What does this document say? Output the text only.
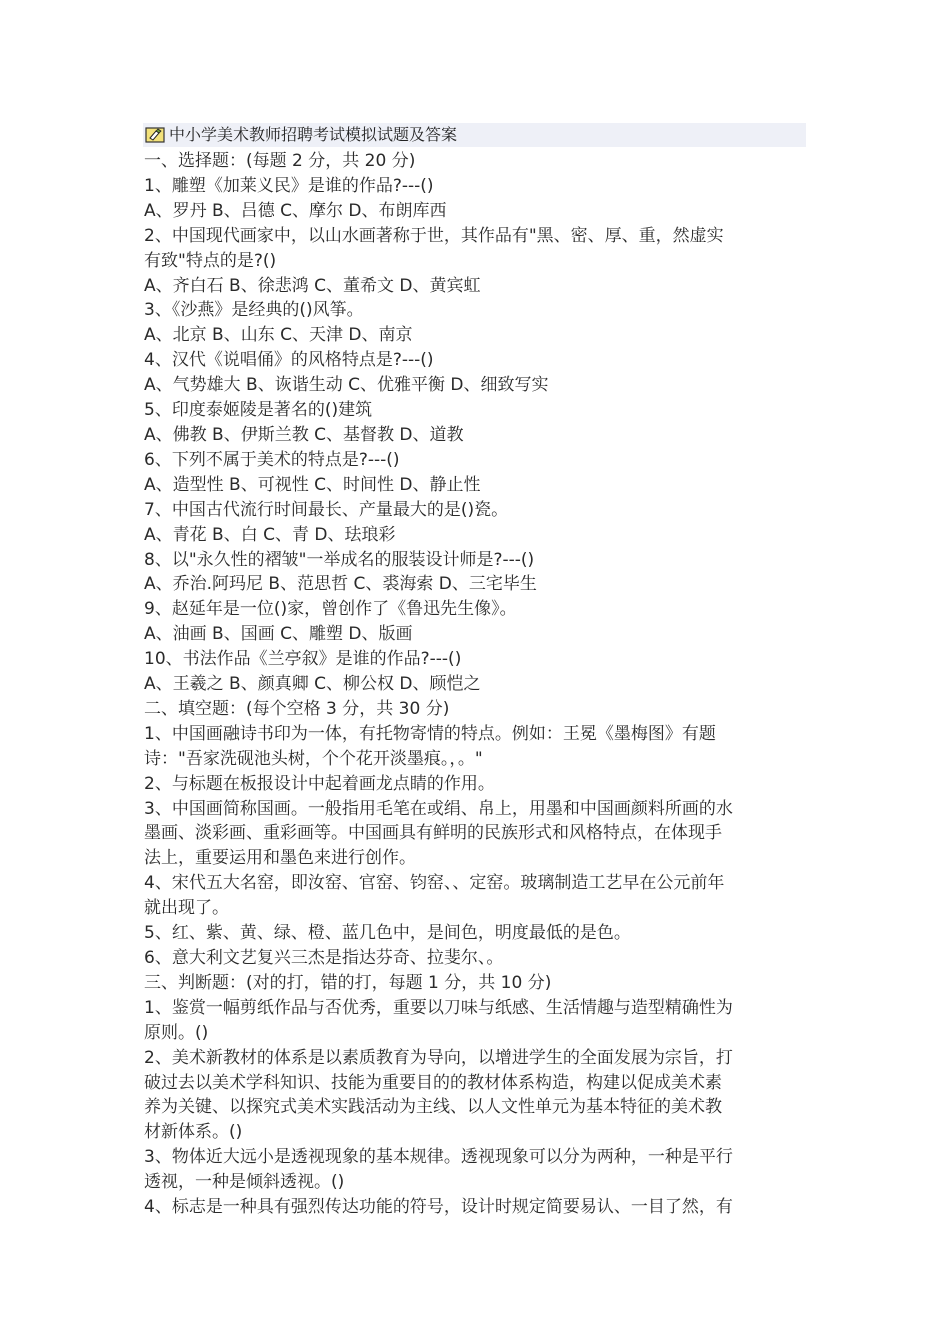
中小学美术教师招聘考试模拟试题及答案
一、选择题：(每题 2 分，共 20 分)
1、雕塑《加莱义民》是谁的作品?---()
A、罗丹 B、吕德 C、摩尔 D、布朗库西
2、中国现代画家中，以山水画著称于世，其作品有"黑、密、厚、重，然虚实
有致"特点的是?()
A、齐白石 B、徐悲鸿 C、董希文 D、黄宾虹
3、《沙燕》是经典的()风筝。
A、北京 B、山东 C、天津 D、南京
4、汉代《说唱俑》的风格特点是?---()
A、气势雄大 B、诙谐生动 C、优雅平衡 D、细致写实
5、印度泰姬陵是著名的()建筑
A、佛教 B、伊斯兰教 C、基督教 D、道教
6、下列不属于美术的特点是?---()
A、造型性 B、可视性 C、时间性 D、静止性
7、中国古代流行时间最长、产量最大的是()瓷。
A、青花 B、白 C、青 D、珐琅彩
8、以"永久性的褶皱"一举成名的服装设计师是?---()
A、乔治.阿玛尼 B、范思哲 C、裘海索 D、三宅毕生
9、赵延年是一位()家，曾创作了《鲁迅先生像》。
A、油画 B、国画 C、雕塑 D、版画
10、书法作品《兰亭叙》是谁的作品?---()
A、王羲之 B、颜真卿 C、柳公权 D、顾恺之
二、填空题：(每个空格 3 分，共 30 分)
1、中国画融诗书印为一体，有托物寄情的特点。例如：王冕《墨梅图》有题
诗："吾家洗砚池头树，个个花开淡墨痕。，。"
2、与标题在板报设计中起着画龙点睛的作用。
3、中国画简称国画。一般指用毛笔在或绢、帛上，用墨和中国画颜料所画的水
墨画、淡彩画、重彩画等。中国画具有鲜明的民族形式和风格特点，在体现手
法上，重要运用和墨色来进行创作。
4、宋代五大名窑，即汝窑、官窑、钧窑、、定窑。玻璃制造工艺早在公元前年
就出现了。
5、红、紫、黄、绿、橙、蓝几色中，是间色，明度最低的是色。
6、意大利文艺复兴三杰是指达芬奇、拉斐尔、。
三、判断题：(对的打，错的打，每题 1 分，共 10 分)
1、鉴赏一幅剪纸作品与否优秀，重要以刀味与纸感、生活情趣与造型精确性为
原则。()
2、美术新教材的体系是以素质教育为导向，以增进学生的全面发展为宗旨，打
破过去以美术学科知识、技能为重要目的的教材体系构造，构建以促成美术素
养为关键、以探究式美术实践活动为主线、以人文性单元为基本特征的美术教
材新体系。()
3、物体近大远小是透视现象的基本规律。透视现象可以分为两种，一种是平行
透视，一种是倾斜透视。()
4、标志是一种具有强烈传达功能的符号，设计时规定简要易认、一目了然，有
